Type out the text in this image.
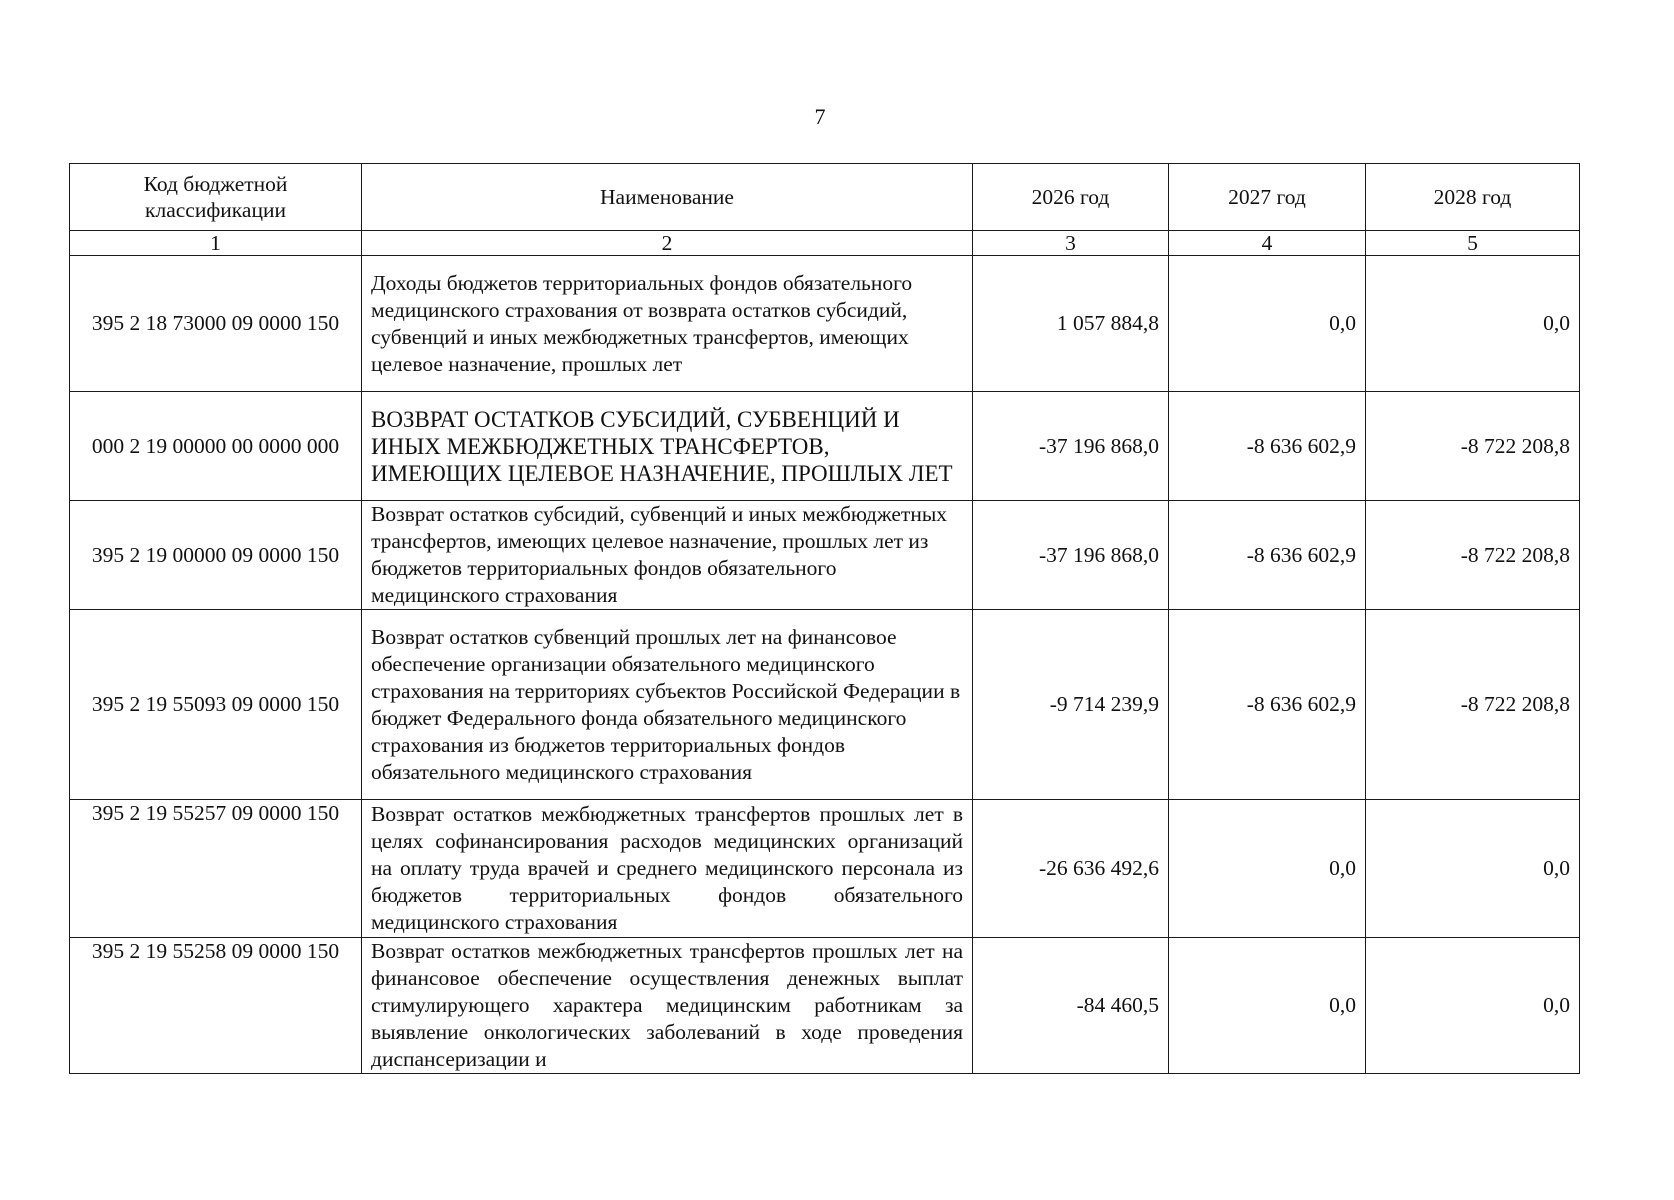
7
Код бюджетной классификации	Наименование	2026 год	2027 год	2028 год
1	2	3	4	5
395 2 18 73000 09 0000 150	Доходы бюджетов территориальных фондов обязательного медицинского страхования от возврата остатков субсидий, субвенций и иных межбюджетных трансфертов, имеющих целевое назначение, прошлых лет	1 057 884,8	0,0	0,0
000 2 19 00000 00 0000 000	ВОЗВРАТ ОСТАТКОВ СУБСИДИЙ, СУБВЕНЦИЙ И ИНЫХ МЕЖБЮДЖЕТНЫХ ТРАНСФЕРТОВ, ИМЕЮЩИХ ЦЕЛЕВОЕ НАЗНАЧЕНИЕ, ПРОШЛЫХ ЛЕТ	-37 196 868,0	-8 636 602,9	-8 722 208,8
395 2 19 00000 09 0000 150	Возврат остатков субсидий, субвенций и иных межбюджетных трансфертов, имеющих целевое назначение, прошлых лет из бюджетов территориальных фондов обязательного медицинского страхования	-37 196 868,0	-8 636 602,9	-8 722 208,8
395 2 19 55093 09 0000 150	Возврат остатков субвенций прошлых лет на финансовое обеспечение организации обязательного медицинского страхования на территориях субъектов Российской Федерации в бюджет Федерального фонда обязательного медицинского страхования из бюджетов территориальных фондов обязательного медицинского страхования	-9 714 239,9	-8 636 602,9	-8 722 208,8
395 2 19 55257 09 0000 150	Возврат остатков межбюджетных трансфертов прошлых лет в целях софинансирования расходов медицинских организаций на оплату труда врачей и среднего медицинского персонала из бюджетов территориальных фондов обязательного медицинского страхования	-26 636 492,6	0,0	0,0
395 2 19 55258 09 0000 150	Возврат остатков межбюджетных трансфертов прошлых лет на финансовое обеспечение осуществления денежных выплат стимулирующего характера медицинским работникам за выявление онкологических заболеваний в ходе проведения диспансеризации и	-84 460,5	0,0	0,0
